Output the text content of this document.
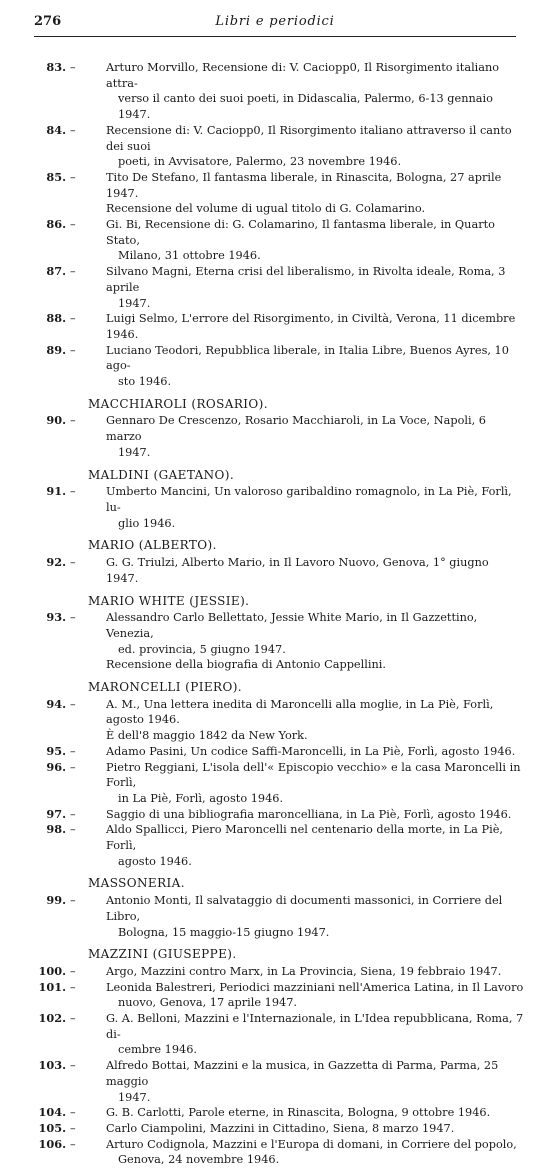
276	Libri e periodici
83. –	Arturo Morvillo, Recensione di: V. Caciopp0, Il Risorgimento italiano attra-
verso il canto dei suoi poeti, in Didascalia, Palermo, 6-13 gennaio 1947.
84. –	Recensione di: V. Caciopp0, Il Risorgimento italiano attraverso il canto dei suoi
poeti, in Avvisatore, Palermo, 23 novembre 1946.
85. –	Tito De Stefano, Il fantasma liberale, in Rinascita, Bologna, 27 aprile 1947.
Recensione del volume di ugual titolo di G. Colamarino.
86. –	Gi. Bi, Recensione di: G. Colamarino, Il fantasma liberale, in Quarto Stato,
Milano, 31 ottobre 1946.
87. –	Silvano Magni, Eterna crisi del liberalismo, in Rivolta ideale, Roma, 3 aprile
1947.
88. –	Luigi Selmo, L'errore del Risorgimento, in Civiltà, Verona, 11 dicembre 1946.
89. –	Luciano Teodori, Repubblica liberale, in Italia Libre, Buenos Ayres, 10 ago-
sto 1946.
MACCHIAROLI (ROSARIO).
90. –	Gennaro De Crescenzo, Rosario Macchiaroli, in La Voce, Napoli, 6 marzo
1947.
MALDINI (GAETANO).
91. –	Umberto Mancini, Un valoroso garibaldino romagnolo, in La Piè, Forlì, lu-
glio 1946.
MARIO (ALBERTO).
92. –	G. G. Triulzi, Alberto Mario, in Il Lavoro Nuovo, Genova, 1° giugno 1947.
MARIO WHITE (JESSIE).
93. –	Alessandro Carlo Bellettato, Jessie White Mario, in Il Gazzettino, Venezia,
ed. provincia, 5 giugno 1947.
Recensione della biografia di Antonio Cappellini.
MARONCELLI (PIERO).
94. –	A. M., Una lettera inedita di Maroncelli alla moglie, in La Piè, Forlì, agosto 1946.
È dell'8 maggio 1842 da New York.
95. –	Adamo Pasini, Un codice Saffi-Maroncelli, in La Piè, Forlì, agosto 1946.
96. –	Pietro Reggiani, L'isola dell'« Episcopio vecchio» e la casa Maroncelli in Forlì,
in La Piè, Forlì, agosto 1946.
97. –	Saggio di una bibliografia maroncelliana, in La Piè, Forlì, agosto 1946.
98. –	Aldo Spallicci, Piero Maroncelli nel centenario della morte, in La Piè, Forlì,
agosto 1946.
MASSONERIA.
99. –	Antonio Monti, Il salvataggio di documenti massonici, in Corriere del Libro,
Bologna, 15 maggio-15 giugno 1947.
MAZZINI (GIUSEPPE).
100. –	Argo, Mazzini contro Marx, in La Provincia, Siena, 19 febbraio 1947.
101. –	Leonida Balestreri, Periodici mazziniani nell'America Latina, in Il Lavoro
nuovo, Genova, 17 aprile 1947.
102. –	G. A. Belloni, Mazzini e l'Internazionale, in L'Idea repubblicana, Roma, 7 di-
cembre 1946.
103. –	Alfredo Bottai, Mazzini e la musica, in Gazzetta di Parma, Parma, 25 maggio
1947.
104. –	G. B. Carlotti, Parole eterne, in Rinascita, Bologna, 9 ottobre 1946.
105. –	Carlo Ciampolini, Mazzini in Cittadino, Siena, 8 marzo 1947.
106. –	Arturo Codignola, Mazzini e l'Europa di domani, in Corriere del popolo,
Genova, 24 novembre 1946.
